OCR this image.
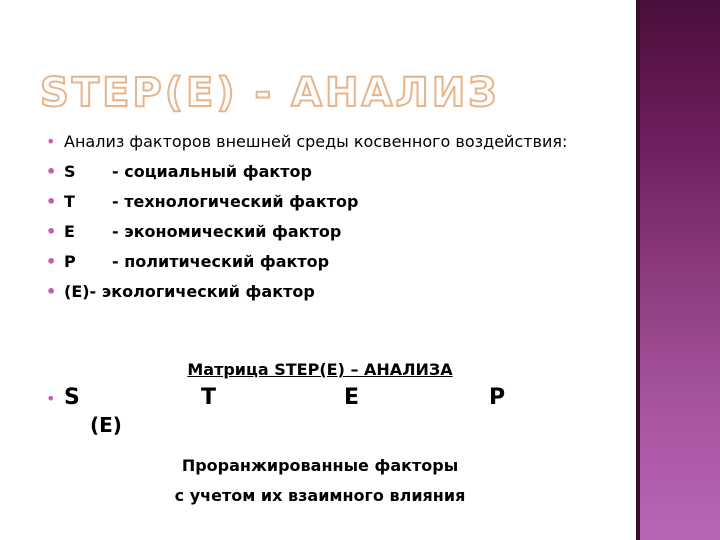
STEP(E) - АНАЛИЗ
• Анализ факторов внешней среды косвенного воздействия:
• S - социальный фактор
• T - технологический фактор
• E - экономический фактор
• P - политический фактор
• (E)- экологический фактор
Матрица STEP(E) – АНАЛИЗА
• S	T	E	P
(E)
Проранжированные факторы
с учетом их взаимного влияния
